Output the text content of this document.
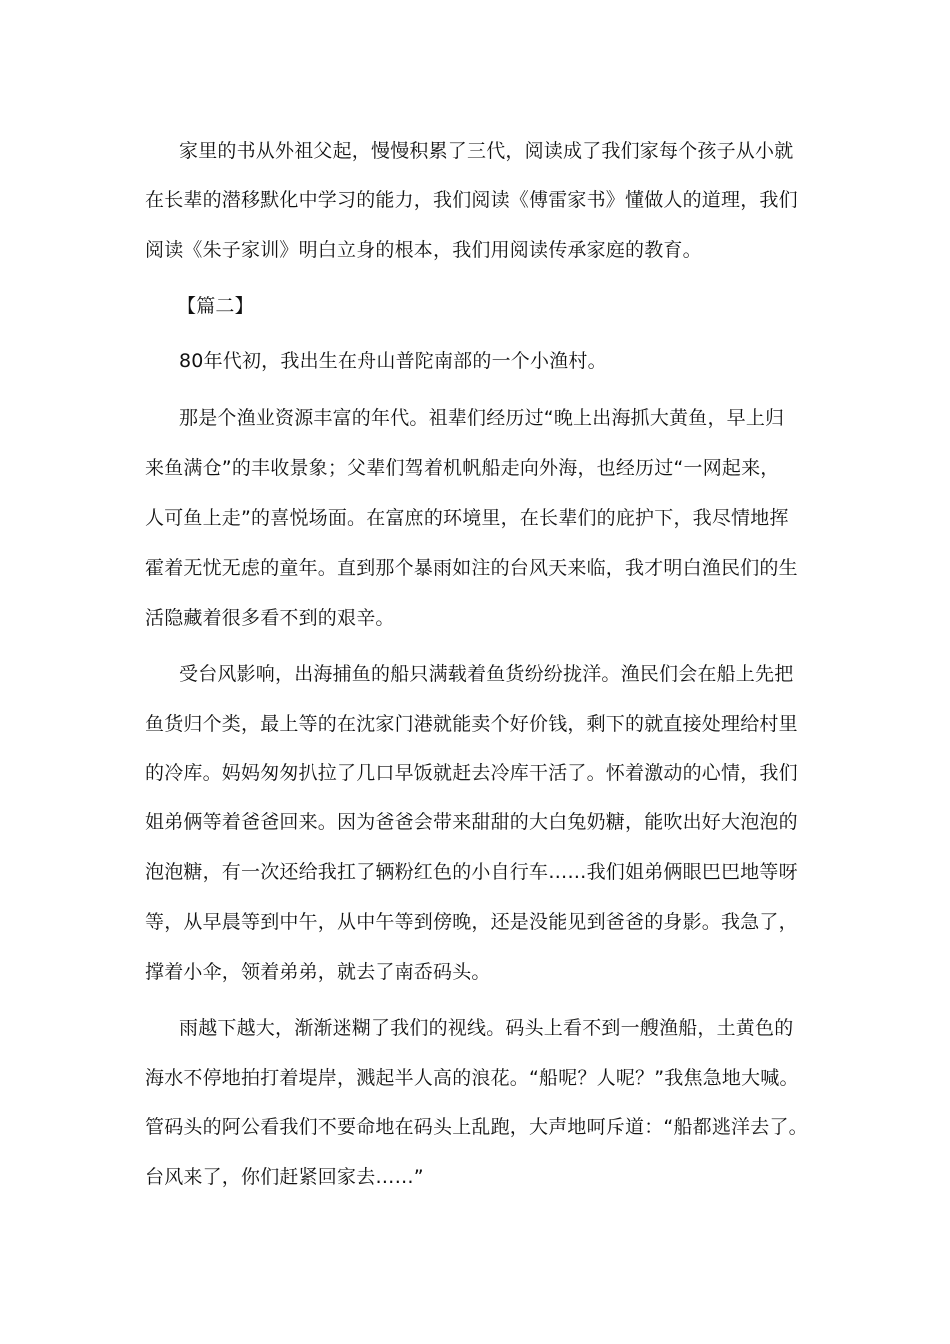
家里的书从外祖父起，慢慢积累了三代，阅读成了我们家每个孩子从小就
在长辈的潜移默化中学习的能力，我们阅读《傅雷家书》懂做人的道理，我们
阅读《朱子家训》明白立身的根本，我们用阅读传承家庭的教育。
【篇二】
80年代初，我出生在舟山普陀南部的一个小渔村。
那是个渔业资源丰富的年代。祖辈们经历过“晚上出海抓大黄鱼，早上归
来鱼满仓”的丰收景象；父辈们驾着机帆船走向外海，也经历过“一网起来，
人可鱼上走”的喜悦场面。在富庶的环境里，在长辈们的庇护下，我尽情地挥
霍着无忧无虑的童年。直到那个暴雨如注的台风天来临，我才明白渔民们的生
活隐藏着很多看不到的艰辛。
受台风影响，出海捕鱼的船只满载着鱼货纷纷拢洋。渔民们会在船上先把
鱼货归个类，最上等的在沈家门港就能卖个好价钱，剩下的就直接处理给村里
的冷库。妈妈匆匆扒拉了几口早饭就赶去冷库干活了。怀着激动的心情，我们
姐弟俩等着爸爸回来。因为爸爸会带来甜甜的大白兔奶糖，能吹出好大泡泡的
泡泡糖，有一次还给我扛了辆粉红色的小自行车……我们姐弟俩眼巴巴地等呀
等，从早晨等到中午，从中午等到傍晚，还是没能见到爸爸的身影。我急了，
撑着小伞，领着弟弟，就去了南岙码头。
雨越下越大，渐渐迷糊了我们的视线。码头上看不到一艘渔船，土黄色的
海水不停地拍打着堤岸，溅起半人高的浪花。“船呢？人呢？”我焦急地大喊。
管码头的阿公看我们不要命地在码头上乱跑，大声地呵斥道：“船都逃洋去了。
台风来了，你们赶紧回家去……”
